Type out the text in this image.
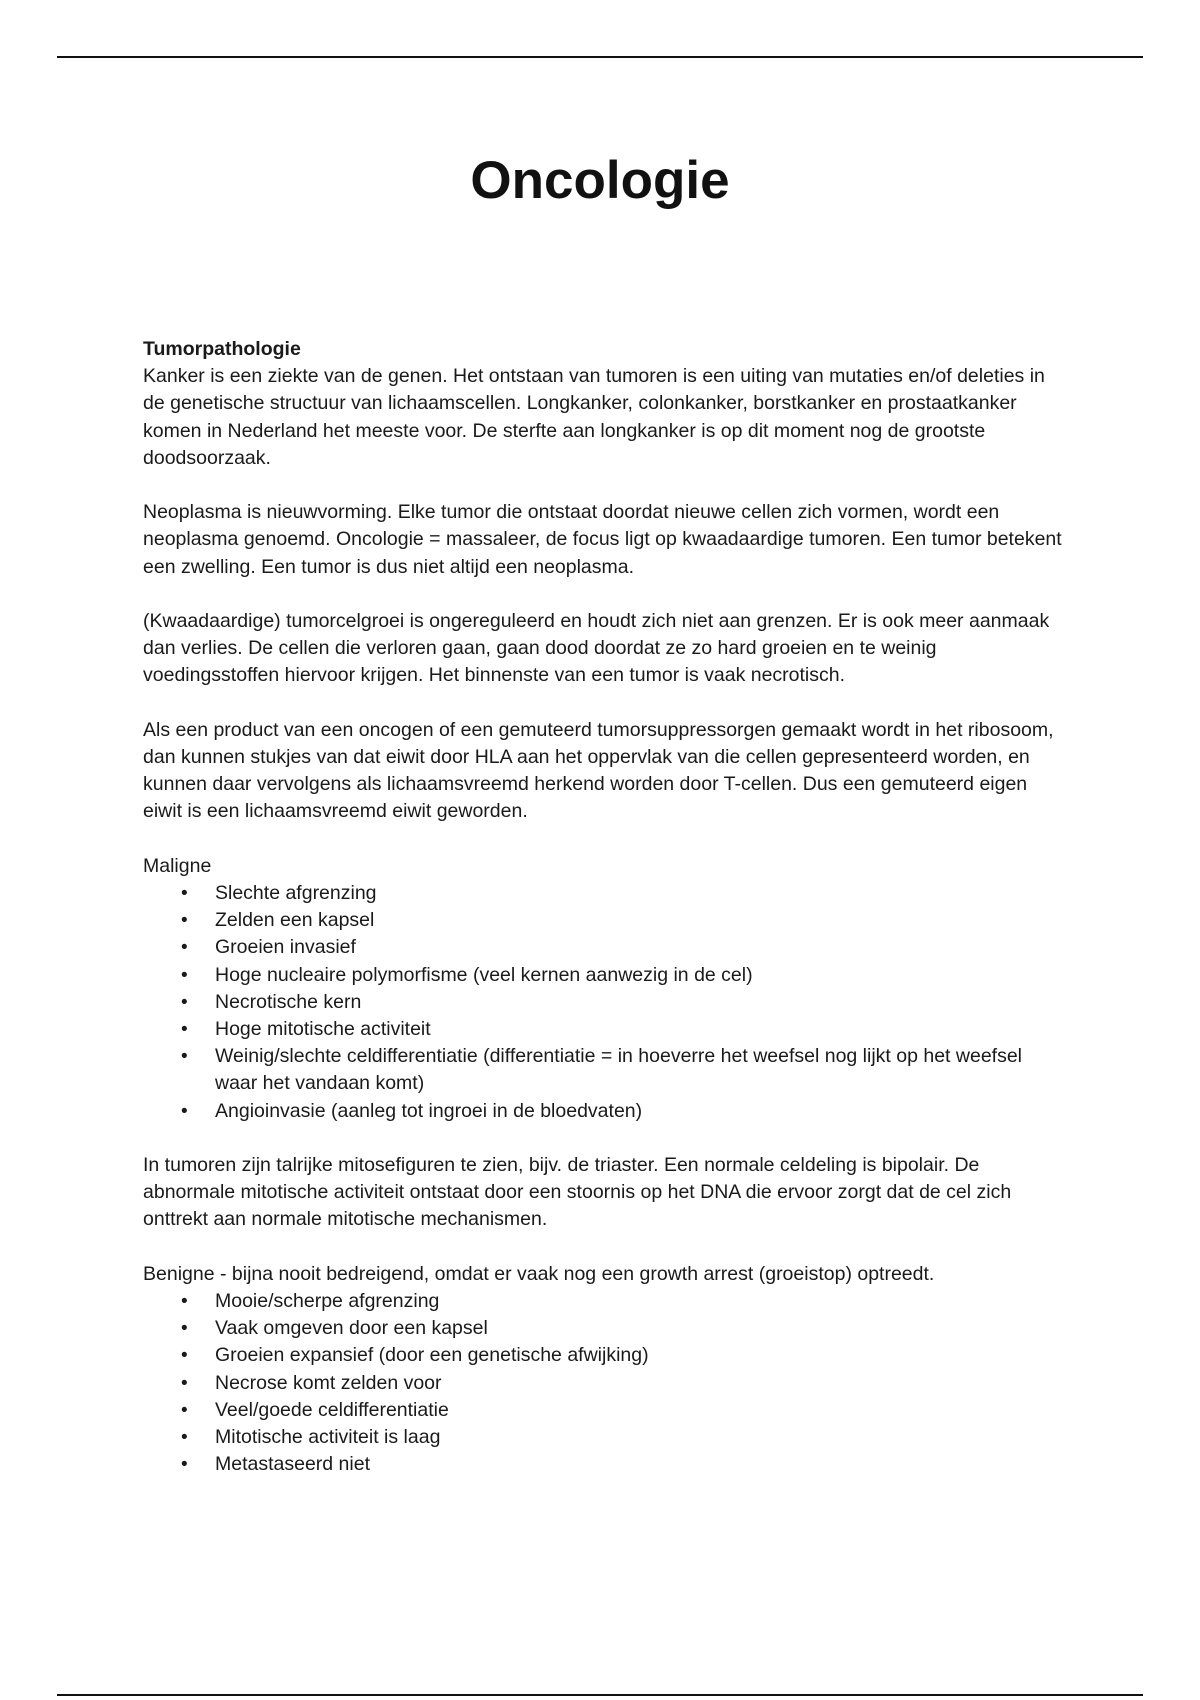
Oncologie

Tumorpathologie

Kanker is een ziekte van de genen. Het ontstaan van tumoren is een uiting van mutaties en/of deleties in de genetische structuur van lichaamscellen. Longkanker, colonkanker, borstkanker en prostaatkanker komen in Nederland het meeste voor. De sterfte aan longkanker is op dit moment nog de grootste doodsoorzaak.

Neoplasma is nieuwvorming. Elke tumor die ontstaat doordat nieuwe cellen zich vormen, wordt een neoplasma genoemd. Oncologie = massaleer, de focus ligt op kwaadaardige tumoren. Een tumor betekent een zwelling. Een tumor is dus niet altijd een neoplasma.

(Kwaadaardige) tumorcelgroei is ongereguleerd en houdt zich niet aan grenzen. Er is ook meer aanmaak dan verlies. De cellen die verloren gaan, gaan dood doordat ze zo hard groeien en te weinig voedingsstoffen hiervoor krijgen. Het binnenste van een tumor is vaak necrotisch.

Als een product van een oncogen of een gemuteerd tumorsuppressorgen gemaakt wordt in het ribosoom, dan kunnen stukjes van dat eiwit door HLA aan het oppervlak van die cellen gepresenteerd worden, en kunnen daar vervolgens als lichaamsvreemd herkend worden door T-cellen. Dus een gemuteerd eigen eiwit is een lichaamsvreemd eiwit geworden.

Maligne

• Slechte afgrenzing
• Zelden een kapsel
• Groeien invasief
• Hoge nucleaire polymorfisme (veel kernen aanwezig in de cel)
• Necrotische kern
• Hoge mitotische activiteit
• Weinig/slechte celdifferentiatie (differentiatie = in hoeverre het weefsel nog lijkt op het weefsel waar het vandaan komt)
• Angioinvasie (aanleg tot ingroei in de bloedvaten)

In tumoren zijn talrijke mitosefiguren te zien, bijv. de triaster. Een normale celdeling is bipolair. De abnormale mitotische activiteit ontstaat door een stoornis op het DNA die ervoor zorgt dat de cel zich onttrekt aan normale mitotische mechanismen.

Benigne - bijna nooit bedreigend, omdat er vaak nog een growth arrest (groeistop) optreedt.

• Mooie/scherpe afgrenzing
• Vaak omgeven door een kapsel
• Groeien expansief (door een genetische afwijking)
• Necrose komt zelden voor
• Veel/goede celdifferentiatie
• Mitotische activiteit is laag
• Metastaseerd niet
